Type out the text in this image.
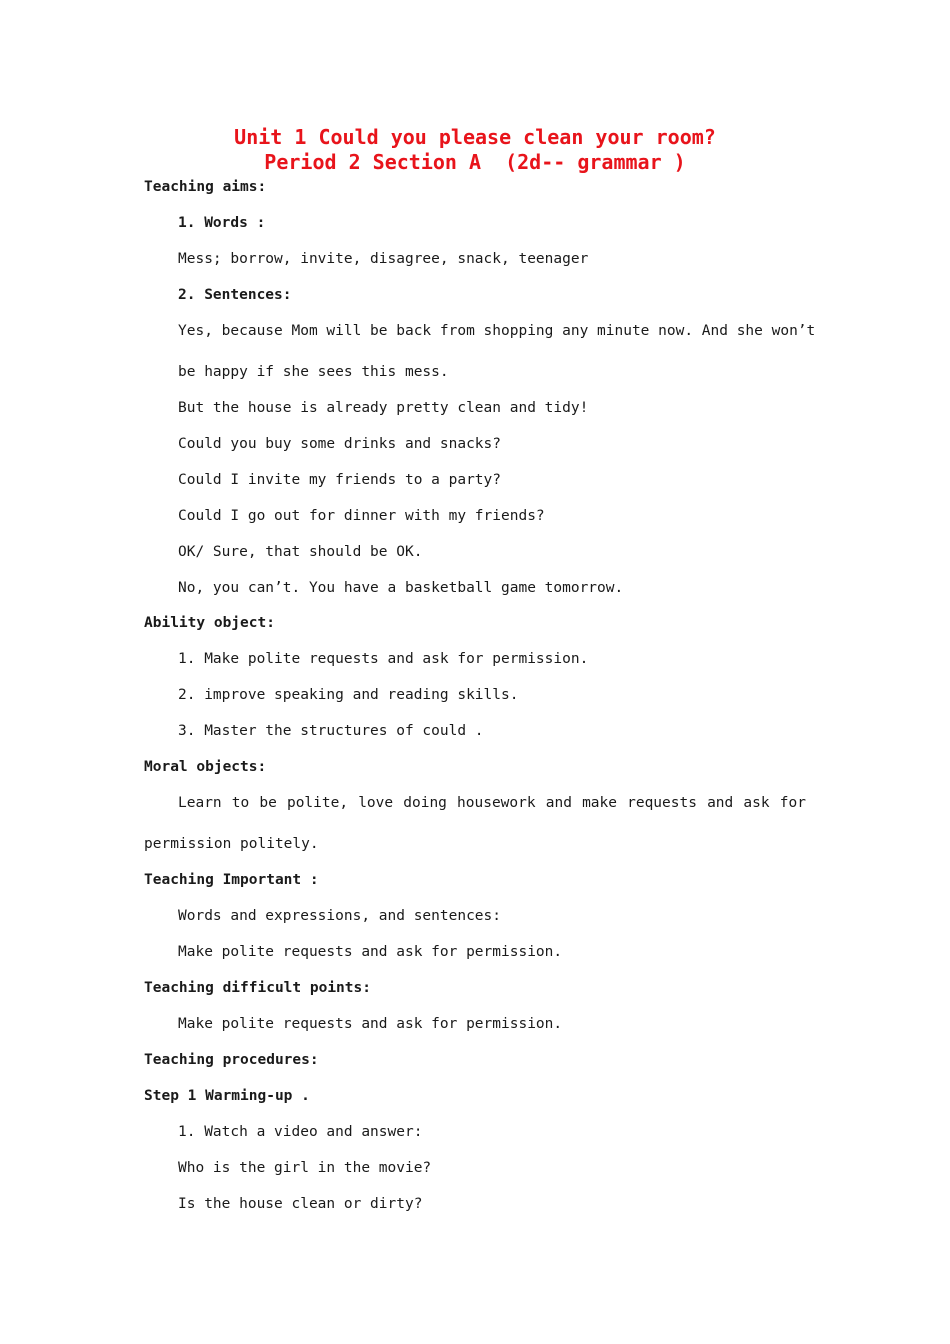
Unit 1 Could you please clean your room?
Period 2 Section A  (2d-- grammar )
Teaching aims:
1. Words :
Mess; borrow, invite, disagree, snack, teenager
2. Sentences:
Yes, because Mom will be back from shopping any minute now. And she won’t
be happy if she sees this mess.
But the house is already pretty clean and tidy!
Could you buy some drinks and snacks?
Could I invite my friends to a party?
Could I go out for dinner with my friends?
OK/ Sure, that should be OK.
No, you can’t. You have a basketball game tomorrow.
Ability object:
1. Make polite requests and ask for permission.
2. improve speaking and reading skills.
3. Master the structures of could .
Moral objects:
Learn to be polite, love doing housework and make requests and ask for
permission politely.
Teaching Important :
Words and expressions, and sentences:
Make polite requests and ask for permission.
Teaching difficult points:
Make polite requests and ask for permission.
Teaching procedures:
Step 1 Warming-up .
1. Watch a video and answer:
Who is the girl in the movie?
Is the house clean or dirty?
